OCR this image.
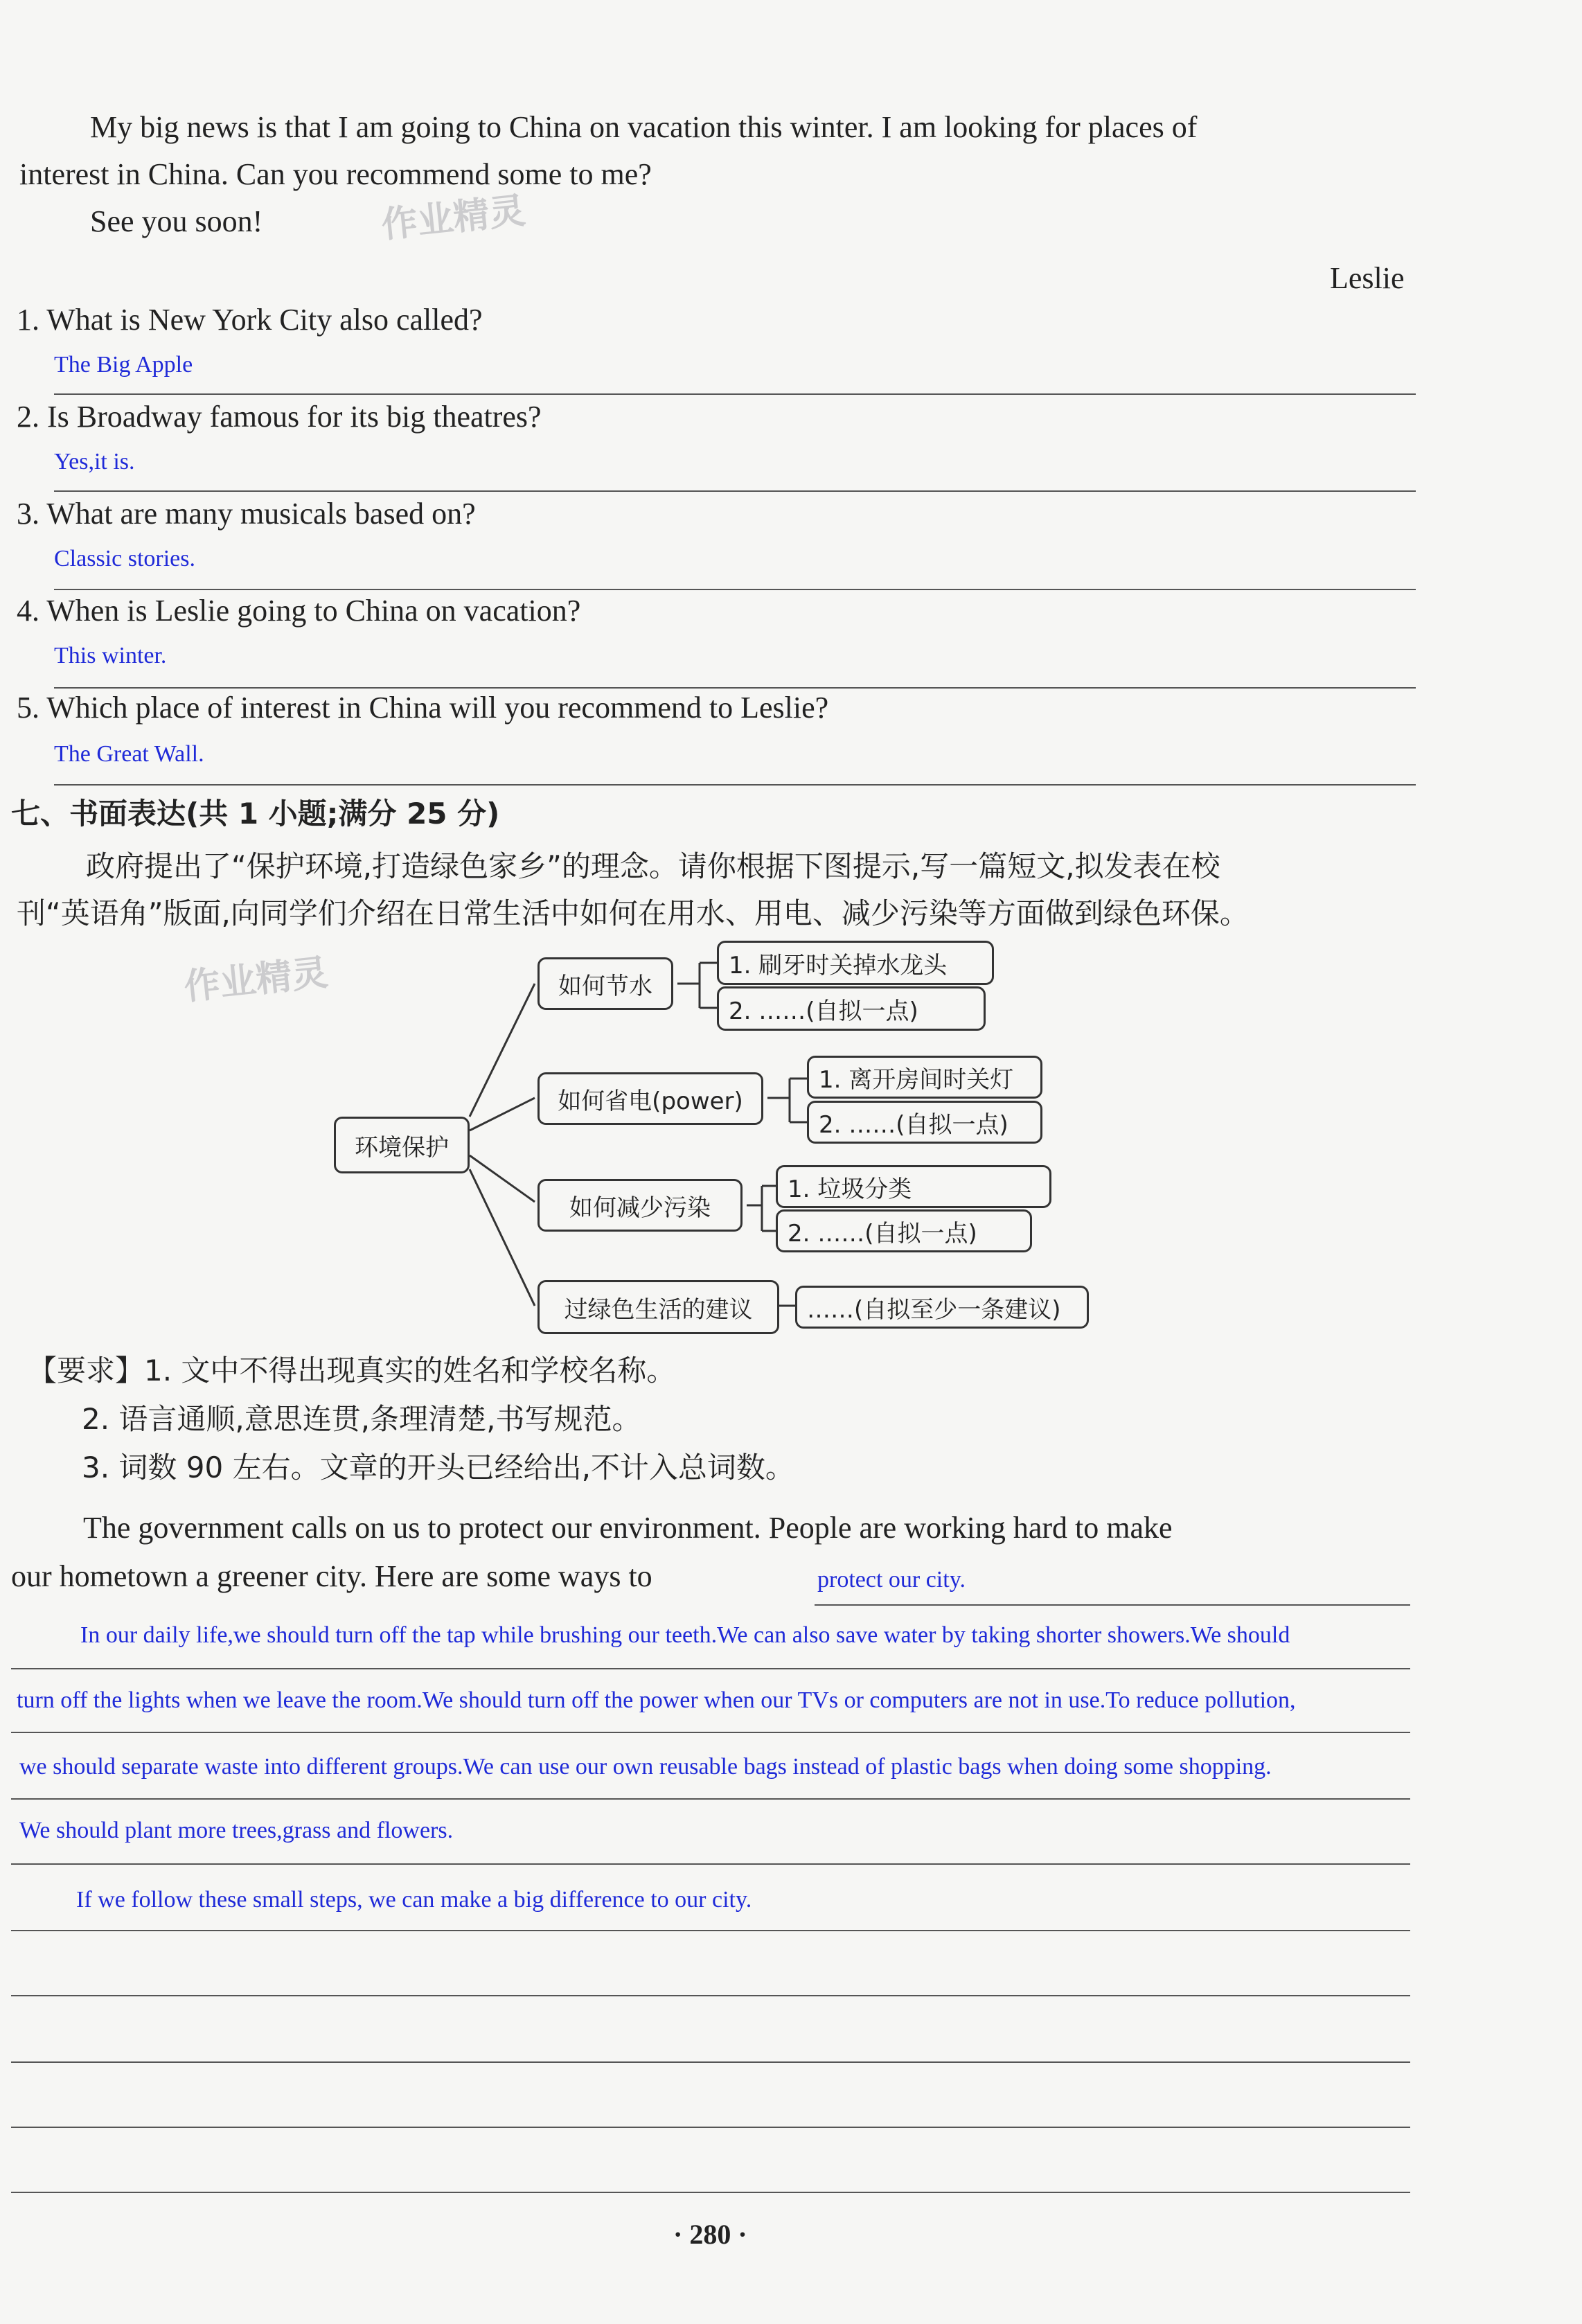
My big news is that I am going to China on vacation this winter. I am looking for places of
interest in China. Can you recommend some to me?
See you soon!	作业精灵
Leslie
1. What is New York City also called?
The Big Apple
2. Is Broadway famous for its big theatres?
Yes,it is.
3. What are many musicals based on?
Classic stories.
4. When is Leslie going to China on vacation?
This winter.
5. Which place of interest in China will you recommend to Leslie?
The Great Wall.
七、书面表达(共 1 小题;满分 25 分)
政府提出了“保护环境,打造绿色家乡”的理念。请你根据下图提示,写一篇短文,拟发表在校
刊“英语角”版面,向同学们介绍在日常生活中如何在用水、用电、减少污染等方面做到绿色环保。
作业精灵
环境保护
如何节水
1. 刷牙时关掉水龙头
2. ……(自拟一点)
如何省电(power)
1. 离开房间时关灯
2. ……(自拟一点)
如何减少污染
1. 垃圾分类
2. ……(自拟一点)
过绿色生活的建议	……(自拟至少一条建议)
【要求】1. 文中不得出现真实的姓名和学校名称。
2. 语言通顺,意思连贯,条理清楚,书写规范。
3. 词数 90 左右。文章的开头已经给出,不计入总词数。
The government calls on us to protect our environment. People are working hard to make
our hometown a greener city. Here are some ways to	protect our city.
In our daily life,we should turn off the tap while brushing our teeth.We can also save water by taking shorter showers.We should
turn off the lights when we leave the room.We should turn off the power when our TVs or computers are not in use.To reduce pollution,
we should separate waste into different groups.We can use our own reusable bags instead of plastic bags when doing some shopping.
We should plant more trees,grass and flowers.
If we follow these small steps, we can make a big difference to our city.
· 280 ·
